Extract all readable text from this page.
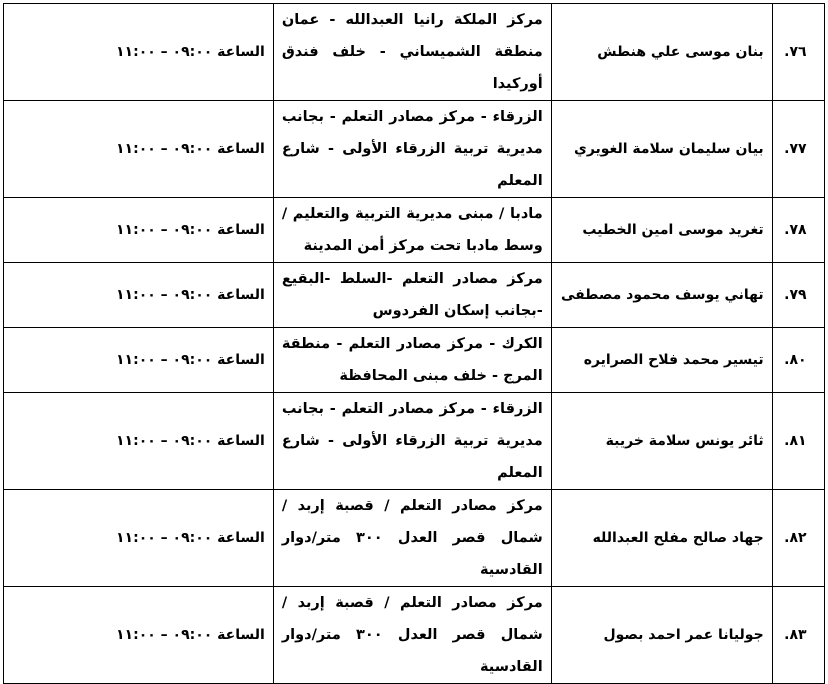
٧٦.	بنان موسى علي هنطش	مركز الملكة رانيا العبدالله - عمان منطقة الشميساني - خلف فندق أوركيدا	الساعة ٠٩:٠٠ – ١١:٠٠
٧٧.	بيان سليمان سلامة الغويري	الزرقاء - مركز مصادر التعلم - بجانب مديرية تربية الزرقاء الأولى - شارع المعلم	الساعة ٠٩:٠٠ – ١١:٠٠
٧٨.	تغريد موسى امين الخطيب	مادبا / مبنى مديرية التربية والتعليم /وسط مادبا تحت مركز أمن المدينة	الساعة ٠٩:٠٠ – ١١:٠٠
٧٩.	تهاني يوسف محمود مصطفى	مركز مصادر التعلم -السلط -البقيع -بجانب إسكان الفردوس	الساعة ٠٩:٠٠ – ١١:٠٠
٨٠.	تيسير محمد فلاح الصرايره	الكرك - مركز مصادر التعلم - منطقة المرج - خلف مبنى المحافظة	الساعة ٠٩:٠٠ – ١١:٠٠
٨١.	ثائر يونس سلامة خريبة	الزرقاء - مركز مصادر التعلم - بجانب مديرية تربية الزرقاء الأولى - شارع المعلم	الساعة ٠٩:٠٠ – ١١:٠٠
٨٢.	جهاد صالح مفلح العبدالله	مركز مصادر التعلم / قصبة إربد / شمال قصر العدل ٣٠٠ متر/دوار القادسية	الساعة ٠٩:٠٠ – ١١:٠٠
٨٣.	جوليانا عمر احمد بصول	مركز مصادر التعلم / قصبة إربد / شمال قصر العدل ٣٠٠ متر/دوار القادسية	الساعة ٠٩:٠٠ – ١١:٠٠
